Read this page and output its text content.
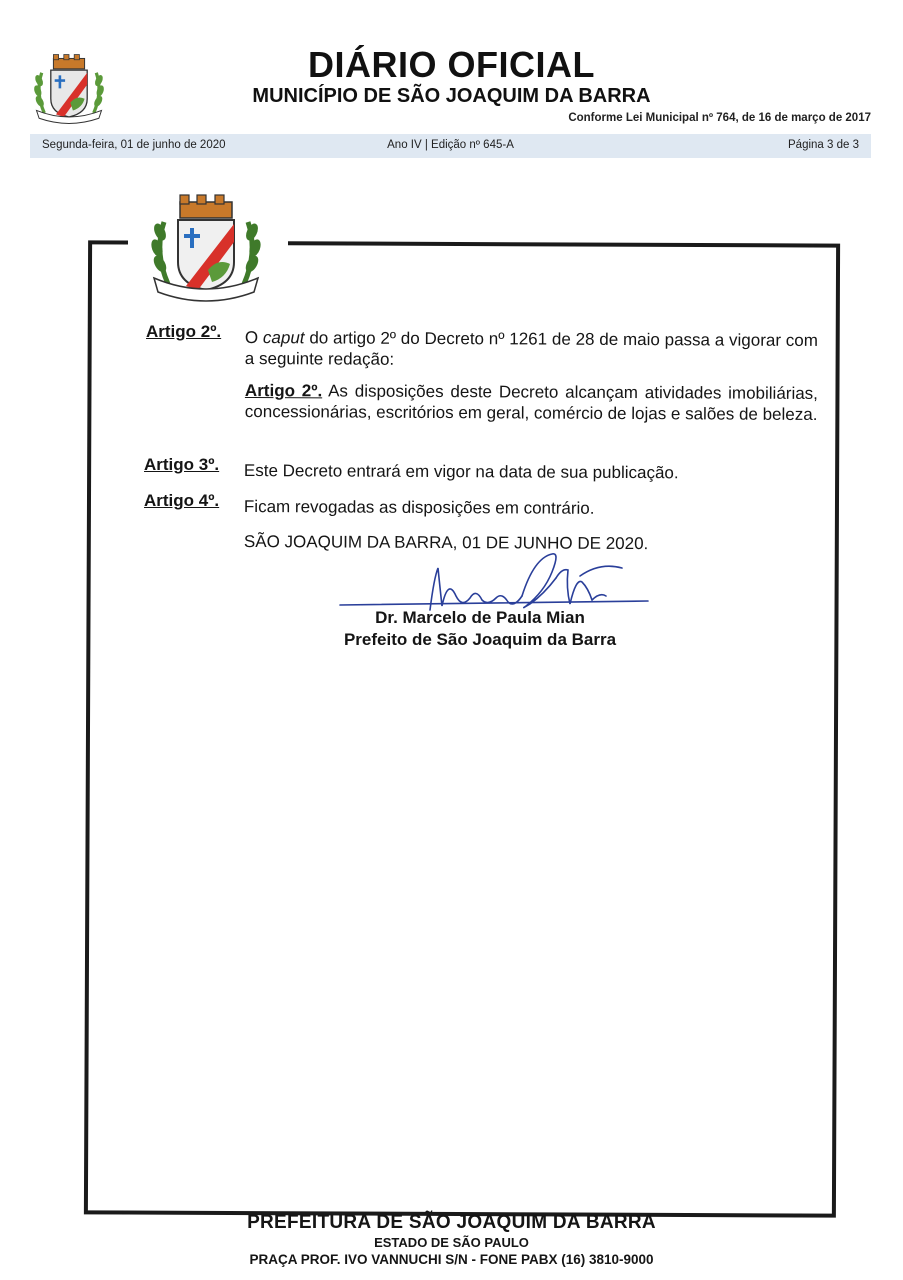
DIÁRIO OFICIAL
MUNICÍPIO DE SÃO JOAQUIM DA BARRA
Conforme Lei Municipal nº 764, de 16 de março de 2017
Segunda-feira, 01 de junho de 2020	Ano IV | Edição nº 645-A	Página 3 de 3
Artigo 2º. O caput do artigo 2º do Decreto nº 1261 de 28 de maio passa a vigorar com a seguinte redação:
Artigo 2º. As disposições deste Decreto alcançam atividades imobiliárias, concessionárias, escritórios em geral, comércio de lojas e salões de beleza.
Artigo 3º. Este Decreto entrará em vigor na data de sua publicação.
Artigo 4º. Ficam revogadas as disposições em contrário.
SÃO JOAQUIM DA BARRA, 01 DE JUNHO DE 2020.
Dr. Marcelo de Paula Mian
Prefeito de São Joaquim da Barra
PREFEITURA DE SÃO JOAQUIM DA BARRA
ESTADO DE SÃO PAULO
PRAÇA PROF. IVO VANNUCHI S/N - FONE PABX (16) 3810-9000
